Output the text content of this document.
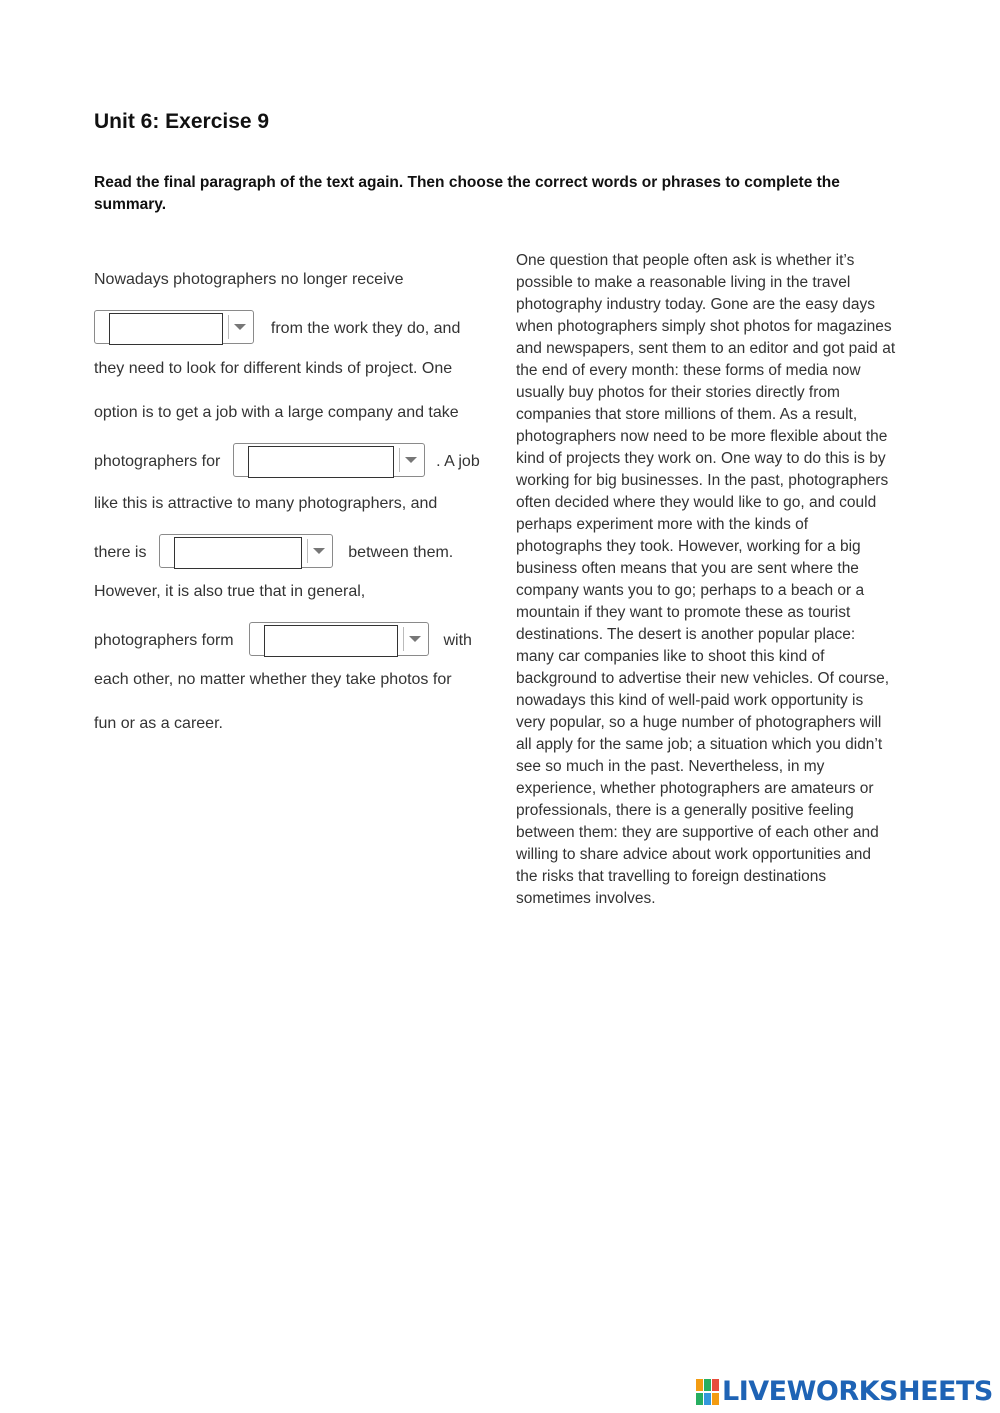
Unit 6: Exercise 9

Read the final paragraph of the text again. Then choose the correct words or phrases to complete the summary.

Nowadays photographers no longer receive
from the work they do, and
they need to look for different kinds of project. One
option is to get a job with a large company and take
photographers for	. A job
like this is attractive to many photographers, and
there is	between them.
However, it is also true that in general,
photographers form	with
each other, no matter whether they take photos for
fun or as a career.

One question that people often ask is whether it’s possible to make a reasonable living in the travel photography industry today. Gone are the easy days when photographers simply shot photos for magazines and newspapers, sent them to an editor and got paid at the end of every month: these forms of media now usually buy photos for their stories directly from companies that store millions of them. As a result, photographers now need to be more flexible about the kind of projects they work on. One way to do this is by working for big businesses. In the past, photographers often decided where they would like to go, and could perhaps experiment more with the kinds of photographs they took. However, working for a big business often means that you are sent where the company wants you to go; perhaps to a beach or a mountain if they want to promote these as tourist destinations. The desert is another popular place: many car companies like to shoot this kind of background to advertise their new vehicles. Of course, nowadays this kind of well-paid work opportunity is very popular, so a huge number of photographers will all apply for the same job; a situation which you didn’t see so much in the past. Nevertheless, in my experience, whether photographers are amateurs or professionals, there is a generally positive feeling between them: they are supportive of each other and willing to share advice about work opportunities and the risks that travelling to foreign destinations sometimes involves.

LIVEWORKSHEETS
